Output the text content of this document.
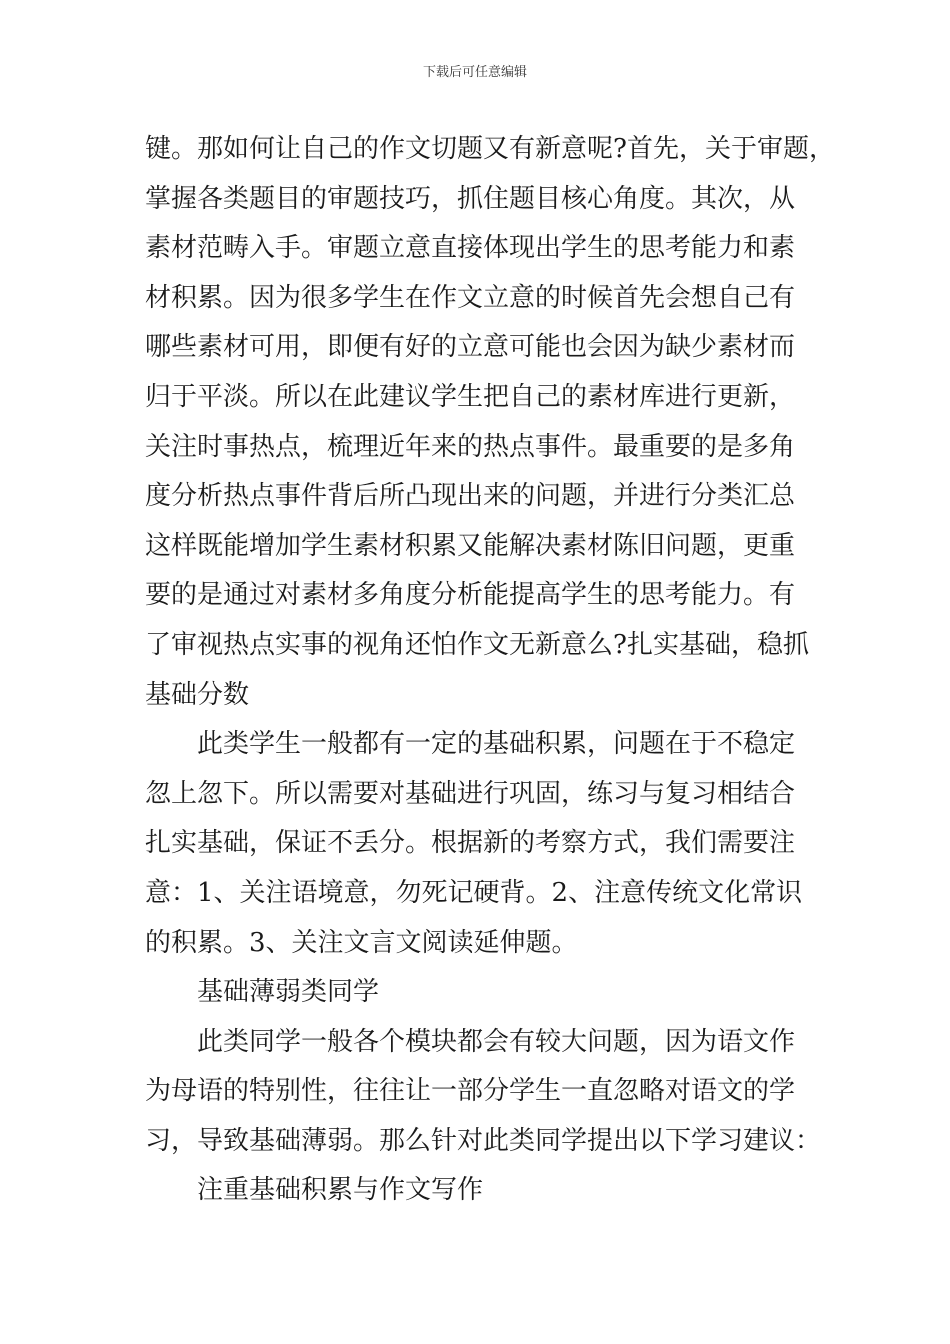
下载后可任意编辑
键。那如何让自己的作文切题又有新意呢?首先，关于审题，
掌握各类题目的审题技巧，抓住题目核心角度。其次，从
素材范畴入手。审题立意直接体现出学生的思考能力和素
材积累。因为很多学生在作文立意的时候首先会想自己有
哪些素材可用，即便有好的立意可能也会因为缺少素材而
归于平淡。所以在此建议学生把自己的素材库进行更新，
关注时事热点，梳理近年来的热点事件。最重要的是多角
度分析热点事件背后所凸现出来的问题，并进行分类汇总
这样既能增加学生素材积累又能解决素材陈旧问题，更重
要的是通过对素材多角度分析能提高学生的思考能力。有
了审视热点实事的视角还怕作文无新意么?扎实基础，稳抓
基础分数
此类学生一般都有一定的基础积累，问题在于不稳定
忽上忽下。所以需要对基础进行巩固，练习与复习相结合
扎实基础，保证不丢分。根据新的考察方式，我们需要注
意：1、关注语境意，勿死记硬背。2、注意传统文化常识
的积累。3、关注文言文阅读延伸题。
基础薄弱类同学
此类同学一般各个模块都会有较大问题，因为语文作
为母语的特别性，往往让一部分学生一直忽略对语文的学
习，导致基础薄弱。那么针对此类同学提出以下学习建议：
注重基础积累与作文写作
